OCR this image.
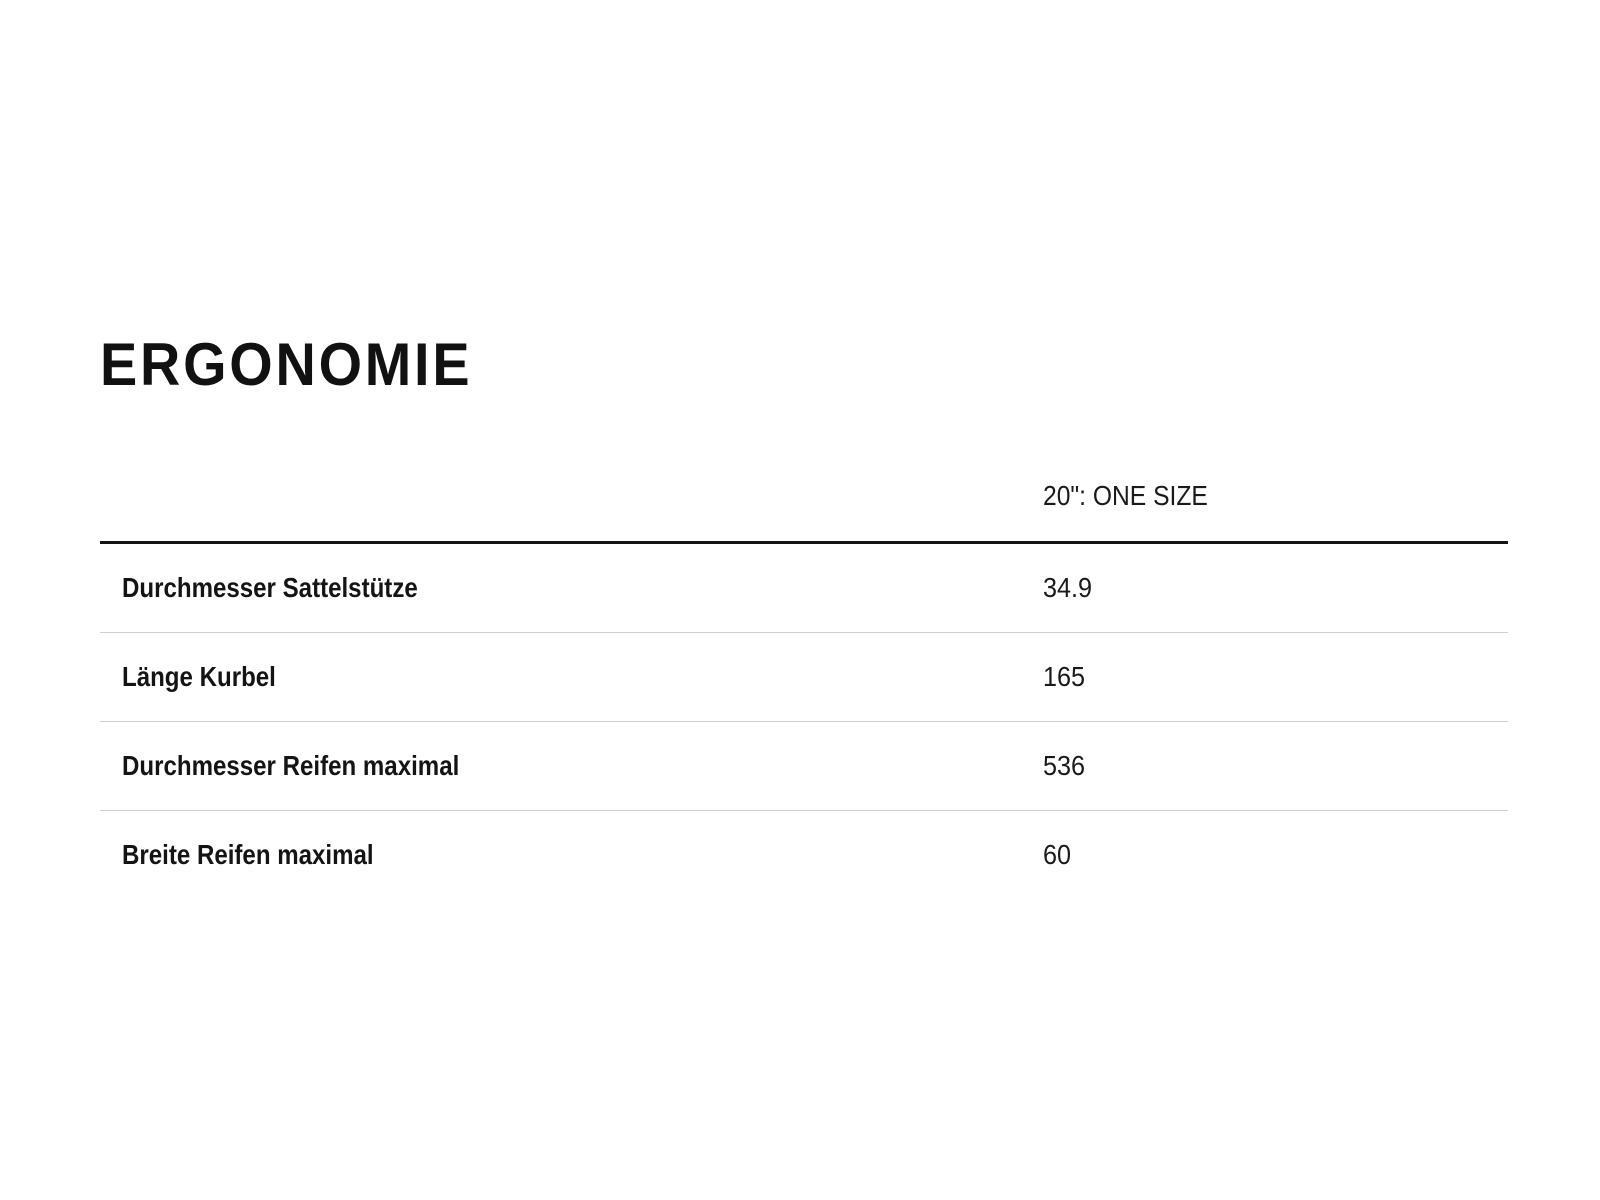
ERGONOMIE
20": ONE SIZE
Durchmesser Sattelstütze	34.9
Länge Kurbel	165
Durchmesser Reifen maximal	536
Breite Reifen maximal	60
